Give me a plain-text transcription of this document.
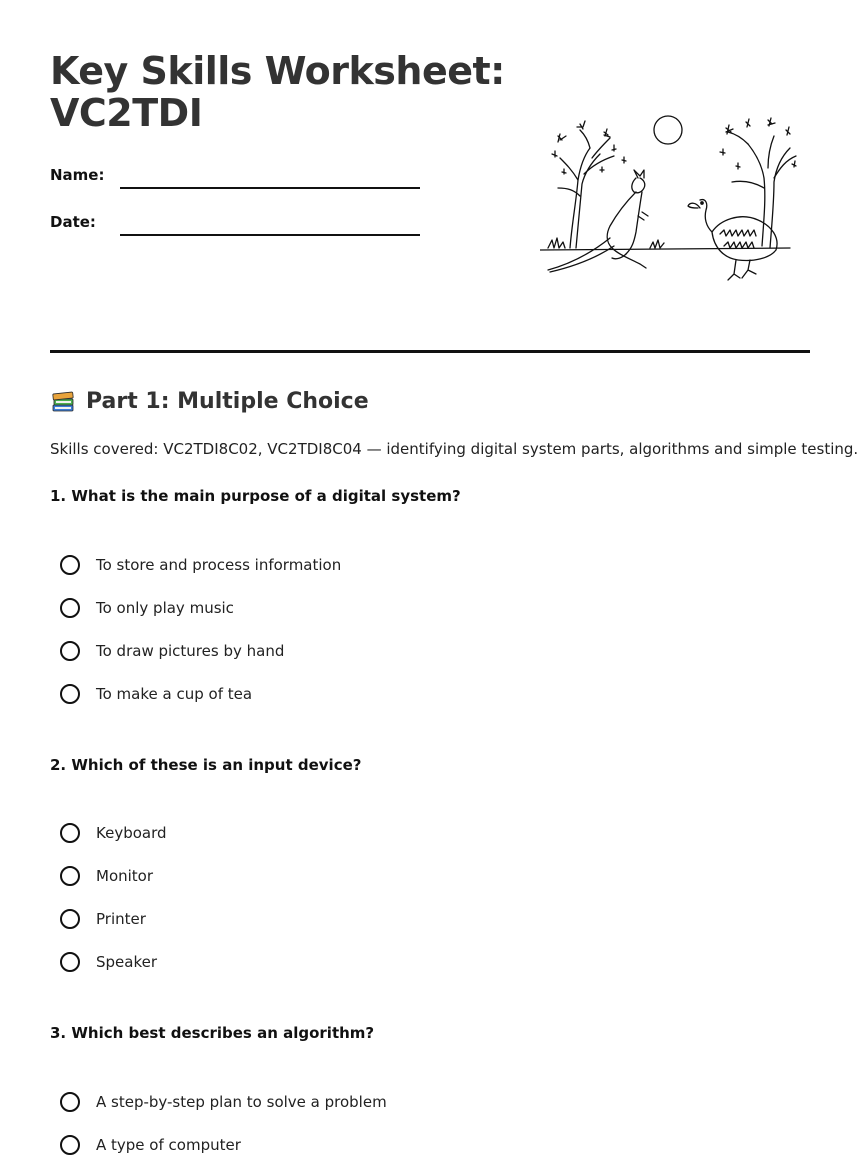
Key Skills Worksheet:
VC2TDI
Name:
Date:
Part 1: Multiple Choice
Skills covered: VC2TDI8C02, VC2TDI8C04 — identifying digital system parts, algorithms and simple testing.
1. What is the main purpose of a digital system?
To store and process information
To only play music
To draw pictures by hand
To make a cup of tea
2. Which of these is an input device?
Keyboard
Monitor
Printer
Speaker
3. Which best describes an algorithm?
A step-by-step plan to solve a problem
A type of computer
